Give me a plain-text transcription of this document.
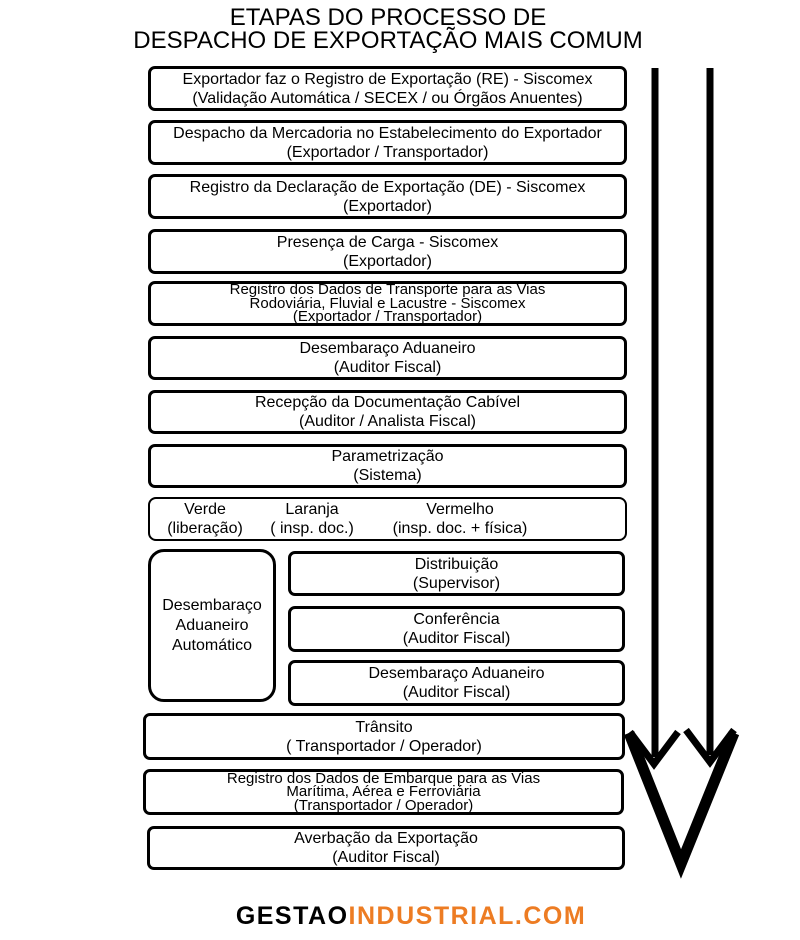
ETAPAS DO PROCESSO DE
DESPACHO DE EXPORTAÇÃO MAIS COMUM
Exportador faz o Registro de Exportação (RE) - Siscomex
(Validação Automática / SECEX / ou Órgãos Anuentes)
Despacho da Mercadoria no Estabelecimento do Exportador
(Exportador / Transportador)
Registro da Declaração de Exportação (DE) - Siscomex
(Exportador)
Presença de Carga - Siscomex
(Exportador)
Registro dos Dados de Transporte para as Vias
Rodoviária, Fluvial e Lacustre - Siscomex
(Exportador / Transportador)
Desembaraço Aduaneiro
(Auditor Fiscal)
Recepção da Documentação Cabível
(Auditor / Analista Fiscal)
Parametrização
(Sistema)
Verde
(liberação)
Laranja
( insp. doc.)
Vermelho
(insp. doc. + física)
Desembaraço
Aduaneiro
Automático
Distribuição
(Supervisor)
Conferência
(Auditor Fiscal)
Desembaraço Aduaneiro
(Auditor Fiscal)
Trânsito
( Transportador / Operador)
Registro dos Dados de Embarque para as Vias
Marítima, Aérea e Ferroviária
(Transportador / Operador)
Averbação da Exportação
(Auditor Fiscal)
GESTAOINDUSTRIAL.COM
